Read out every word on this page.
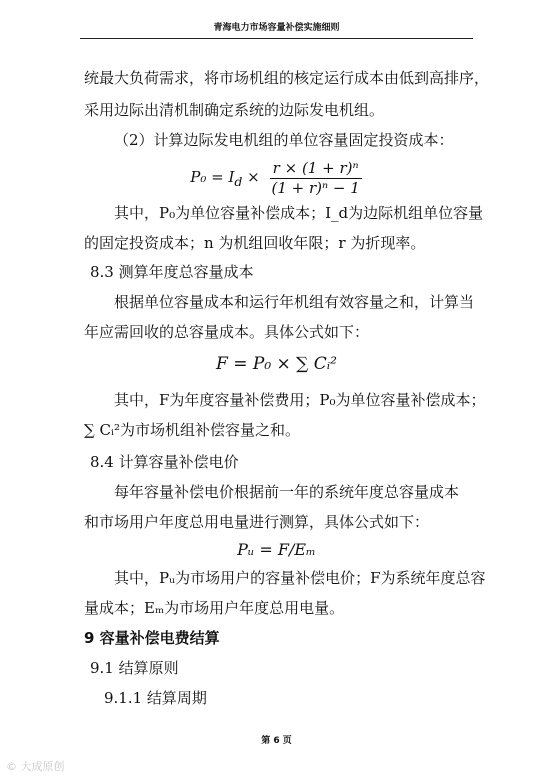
青海电力市场容量补偿实施细则
统最大负荷需求，将市场机组的核定运行成本由低到高排序，
采用边际出清机制确定系统的边际发电机组。
（2）计算边际发电机组的单位容量固定投资成本：
$P_0 = I_d \times \frac{\text{r × (1 + r)ⁿ}}{\text{(1 + r)ⁿ − 1}}$
其中，P₀为单位容量补偿成本；I_d为边际机组单位容量
的固定投资成本；n 为机组回收年限；r 为折现率。
8.3 测算年度总容量成本
根据单位容量成本和运行年机组有效容量之和，计算当
年应需回收的总容量成本。具体公式如下：
F = P₀ × ∑ Cᵢ²
其中，F为年度容量补偿费用；P₀为单位容量补偿成本；
∑ Cᵢ²为市场机组补偿容量之和。
8.4 计算容量补偿电价
每年容量补偿电价根据前一年的系统年度总容量成本
和市场用户年度总用电量进行测算，具体公式如下：
Pᵤ = F/Eₘ
其中，Pᵤ为市场用户的容量补偿电价；F为系统年度总容
量成本；Eₘ为市场用户年度总用电量。
9 容量补偿电费结算
9.1 结算原则
9.1.1 结算周期
第 6 页
© 大成原创
